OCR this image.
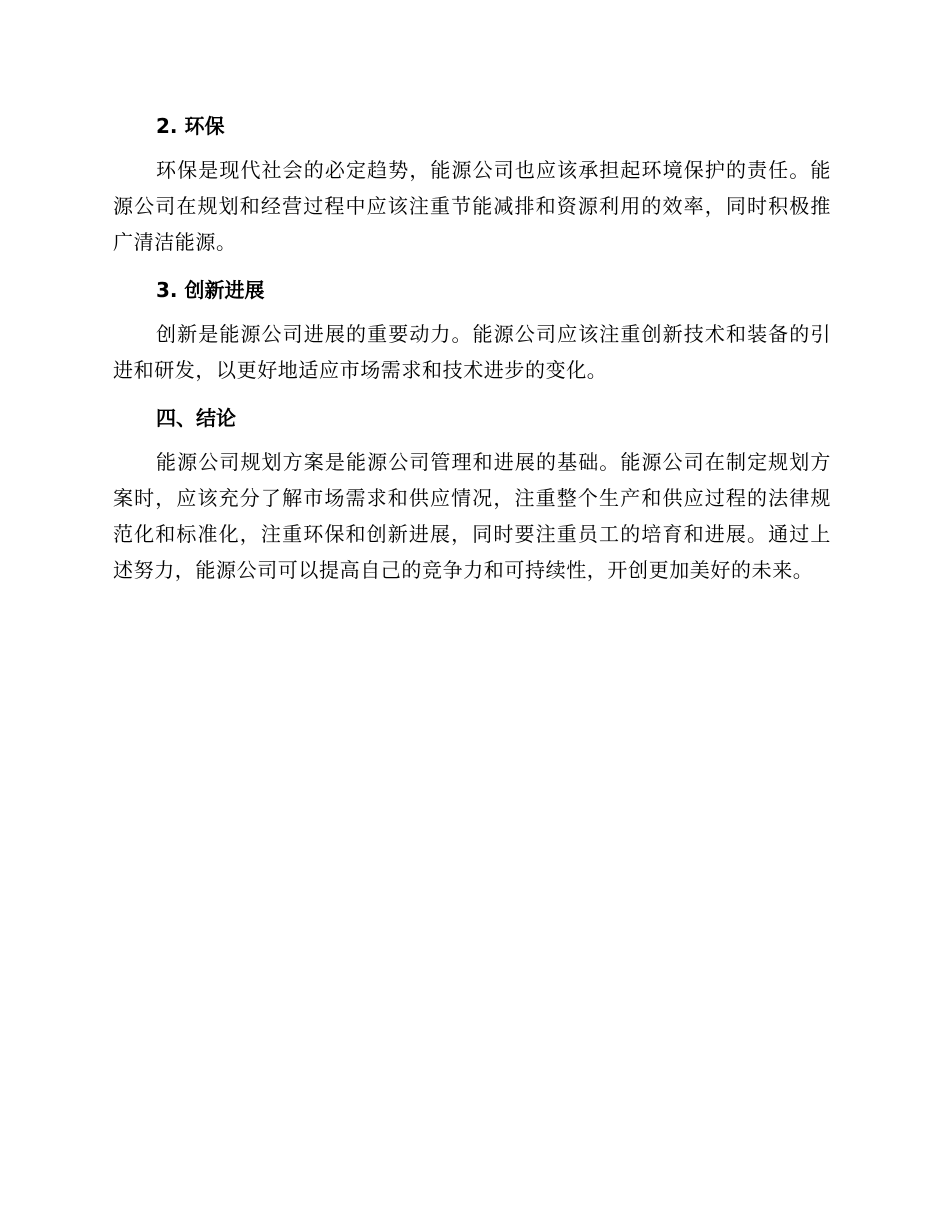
2. 环保

环保是现代社会的必定趋势，能源公司也应该承担起环境保护的责任。能源公司在规划和经营过程中应该注重节能减排和资源利用的效率，同时积极推广清洁能源。

3. 创新进展

创新是能源公司进展的重要动力。能源公司应该注重创新技术和装备的引进和研发，以更好地适应市场需求和技术进步的变化。

四、结论

能源公司规划方案是能源公司管理和进展的基础。能源公司在制定规划方案时，应该充分了解市场需求和供应情况，注重整个生产和供应过程的法律规范化和标准化，注重环保和创新进展，同时要注重员工的培育和进展。通过上述努力，能源公司可以提高自己的竞争力和可持续性，开创更加美好的未来。
